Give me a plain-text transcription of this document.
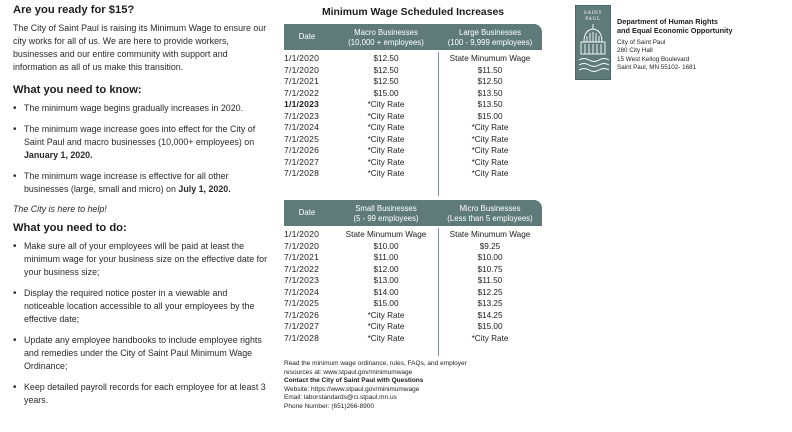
Are you ready for $15?
The City of Saint Paul is raising its Minimum Wage to ensure our city works for all of us. We are here to provide workers, businesses and our entire community with support and information as all of us make this transition.
What you need to know:
• The minimum wage begins gradually increases in 2020.
• The minimum wage increase goes into effect for the City of Saint Paul and macro businesses (10,000+ employees) on January 1, 2020.
• The minimum wage increase is effective for all other businesses (large, small and micro) on July 1, 2020.
The City is here to help!
What you need to do:
• Make sure all of your employees will be paid at least the minimum wage for your business size on the effective date for your business size;
• Display the required notice poster in a viewable and noticeable location accessible to all your employees by the effective date;
• Update any employee handbooks to include employee rights and remedies under the City of Saint Paul Minimum Wage Ordinance;
• Keep detailed payroll records for each employee for at least 3 years.
Minimum Wage Scheduled Increases
Date	Macro Businesses
(10,000 + employees)
Large Businesses
(100 - 9,999 employees)
1/1/2020	$12.50	State Minumum Wage
7/1/2020	$12.50	$11.50
7/1/2021	$12.50	$12.50
7/1/2022	$15.00	$13.50
1/1/2023	*City Rate	$13.50
7/1/2023	*City Rate	$15.00
7/1/2024	*City Rate	*City Rate
7/1/2025	*City Rate	*City Rate
7/1/2026	*City Rate	*City Rate
7/1/2027	*City Rate	*City Rate
7/1/2028	*City Rate	*City Rate
Date	Small Businesses
(5 - 99 employees)
Micro Businesses
(Less than 5 employees)
1/1/2020	State Minumum Wage	State Minumum Wage
7/1/2020	$10.00	$9.25
7/1/2021	$11.00	$10.00
7/1/2022	$12.00	$10.75
7/1/2023	$13.00	$11.50
7/1/2024	$14.00	$12.25
7/1/2025	$15.00	$13.25
7/1/2026	*City Rate	$14.25
7/1/2027	*City Rate	$15.00
7/1/2028	*City Rate	*City Rate
Read the minimum wage ordinance, rules, FAQs, and employer
resources at: www.stpaul.gov/minimumwage
Contact the City of Saint Paul with Questions
Website: https://www.stpaul.gov/minimumwage
Email: laborstandards@ci.stpaul.mn.us
Phone Number: (651)266-8900
SAINT
PAUL Department of Human Rights
and Equal Economic Opportunity
City of Saint Paul
280 City Hall
15 West Kellog Boulevard
Saint Paul, MN 55102- 1681
